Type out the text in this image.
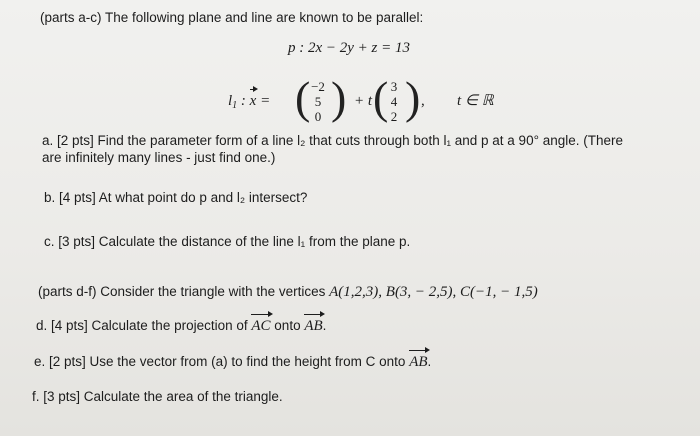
(parts a-c) The following plane and line are known to be parallel:
p : 2x − 2y + z = 13
$l_1$ : x = ( −2
5
0 ) + t ( 3
4
2 ) , t ∈ ℝ
a. [2 pts] Find the parameter form of a line l₂ that cuts through both l₁ and p at a 90° angle. (There
are infinitely many lines - just find one.)
b. [4 pts] At what point do p and l₂ intersect?
c. [3 pts] Calculate the distance of the line l₁ from the plane p.
(parts d-f) Consider the triangle with the vertices A(1,2,3), B(3, − 2,5), C(−1, − 1,5)
d. [4 pts] Calculate the projection of AC onto AB.
e. [2 pts] Use the vector from (a) to find the height from C onto AB.
f. [3 pts] Calculate the area of the triangle.
